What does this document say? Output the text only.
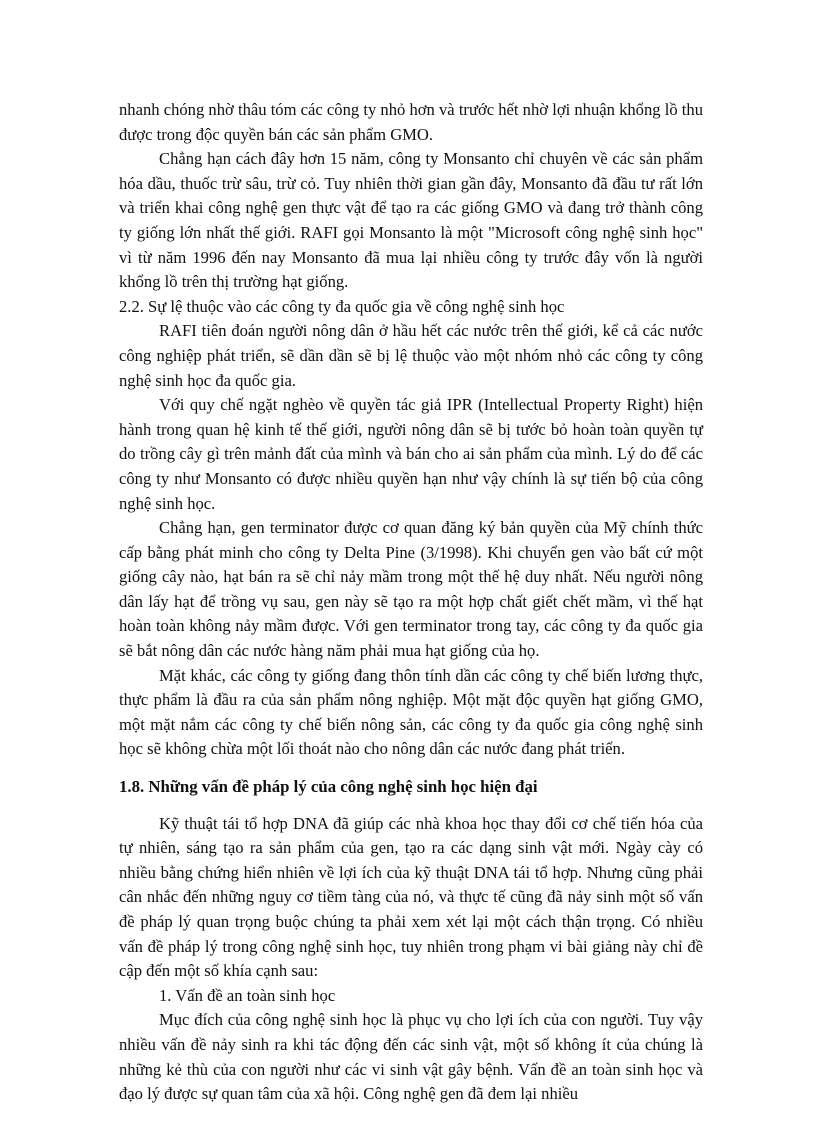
nhanh chóng nhờ thâu tóm các công ty nhỏ hơn và trước hết nhờ lợi nhuận khổng lồ thu được trong độc quyền bán các sản phẩm GMO.

Chẳng hạn cách đây hơn 15 năm, công ty Monsanto chỉ chuyên về các sản phẩm hóa dầu, thuốc trừ sâu, trừ cỏ. Tuy nhiên thời gian gần đây, Monsanto đã đầu tư rất lớn và triển khai công nghệ gen thực vật để tạo ra các giống GMO và đang trở thành công ty giống lớn nhất thế giới. RAFI gọi Monsanto là một "Microsoft công nghệ sinh học" vì từ năm 1996 đến nay Monsanto đã mua lại nhiều công ty trước đây vốn là người khổng lồ trên thị trường hạt giống.

2.2. Sự lệ thuộc vào các công ty đa quốc gia về công nghệ sinh học

RAFI tiên đoán người nông dân ở hầu hết các nước trên thế giới, kể cả các nước công nghiệp phát triển, sẽ dần dần sẽ bị lệ thuộc vào một nhóm nhỏ các công ty công nghệ sinh học đa quốc gia.

Với quy chế ngặt nghèo về quyền tác giả IPR (Intellectual Property Right) hiện hành trong quan hệ kinh tế thế giới, người nông dân sẽ bị tước bỏ hoàn toàn quyền tự do trồng cây gì trên mảnh đất của mình và bán cho ai sản phẩm của mình. Lý do để các công ty như Monsanto có được nhiều quyền hạn như vậy chính là sự tiến bộ của công nghệ sinh học.

Chẳng hạn, gen terminator được cơ quan đăng ký bản quyền của Mỹ chính thức cấp bằng phát minh cho công ty Delta Pine (3/1998). Khi chuyển gen vào bất cứ một giống cây nào, hạt bán ra sẽ chỉ nảy mầm trong một thế hệ duy nhất. Nếu người nông dân lấy hạt để trồng vụ sau, gen này sẽ tạo ra một hợp chất giết chết mầm, vì thế hạt hoàn toàn không nảy mầm được. Với gen terminator trong tay, các công ty đa quốc gia sẽ bắt nông dân các nước hàng năm phải mua hạt giống của họ.

Mặt khác, các công ty giống đang thôn tính dần các công ty chế biến lương thực, thực phẩm là đầu ra của sản phẩm nông nghiệp. Một mặt độc quyền hạt giống GMO, một mặt nắm các công ty chế biến nông sản, các công ty đa quốc gia công nghệ sinh học sẽ không chừa một lối thoát nào cho nông dân các nước đang phát triển.

1.8. Những vấn đề pháp lý của công nghệ sinh học hiện đại

Kỹ thuật tái tổ hợp DNA đã giúp các nhà khoa học thay đổi cơ chế tiến hóa của tự nhiên, sáng tạo ra sản phẩm của gen, tạo ra các dạng sinh vật mới. Ngày cày có nhiều bằng chứng hiển nhiên về lợi ích của kỹ thuật DNA tái tổ hợp. Nhưng cũng phải cân nhắc đến những nguy cơ tiềm tàng của nó, và thực tế cũng đã nảy sinh một số vấn đề pháp lý quan trọng buộc chúng ta phải xem xét lại một cách thận trọng. Có nhiều vấn đề pháp lý trong công nghệ sinh học, tuy nhiên trong phạm vi bài giảng này chỉ đề cập đến một số khía cạnh sau:

1. Vấn đề an toàn sinh học

Mục đích của công nghệ sinh học là phục vụ cho lợi ích của con người. Tuy vậy nhiều vấn đề nảy sinh ra khi tác động đến các sinh vật, một số không ít của chúng là những kẻ thù của con người như các vi sinh vật gây bệnh. Vấn đề an toàn sinh học và đạo lý được sự quan tâm của xã hội. Công nghệ gen đã đem lại nhiều
